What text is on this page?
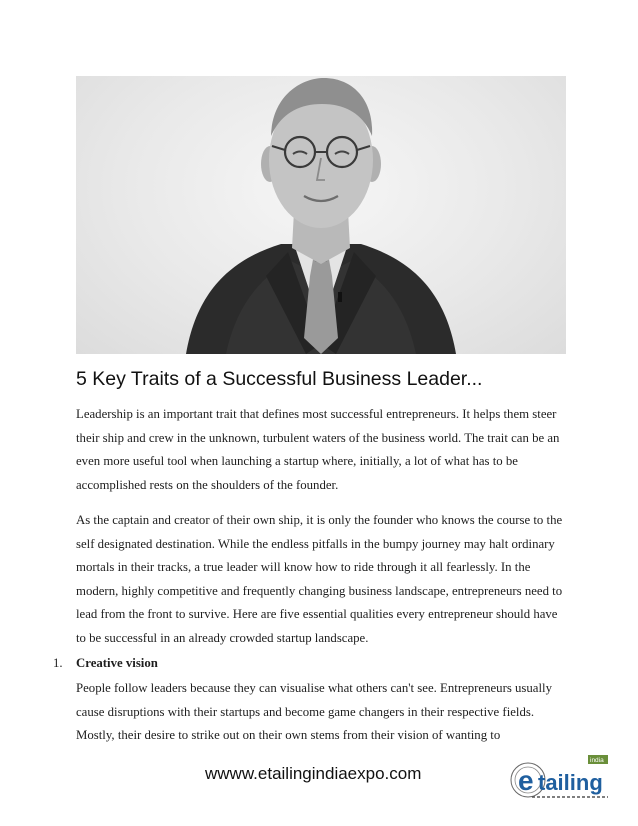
5 Key Traits of a Successful Business Leader...

Leadership is an important trait that defines most successful entrepreneurs. It helps them steer their ship and crew in the unknown, turbulent waters of the business world. The trait can be an even more useful tool when launching a startup where, initially, a lot of what has to be accomplished rests on the shoulders of the founder.

As the captain and creator of their own ship, it is only the founder who knows the course to the self designated destination. While the endless pitfalls in the bumpy journey may halt ordinary mortals in their tracks, a true leader will know how to ride through it all fearlessly. In the modern, highly competitive and frequently changing business landscape, entrepreneurs need to lead from the front to survive. Here are five essential qualities every entrepreneur should have to be successful in an already crowded startup landscape.

1. Creative vision

People follow leaders because they can visualise what others can't see. Entrepreneurs usually cause disruptions with their startups and become game changers in their respective fields. Mostly, their desire to strike out on their own stems from their vision of wanting to

wwww.etailingindiaexpo.com	e tailing
india
